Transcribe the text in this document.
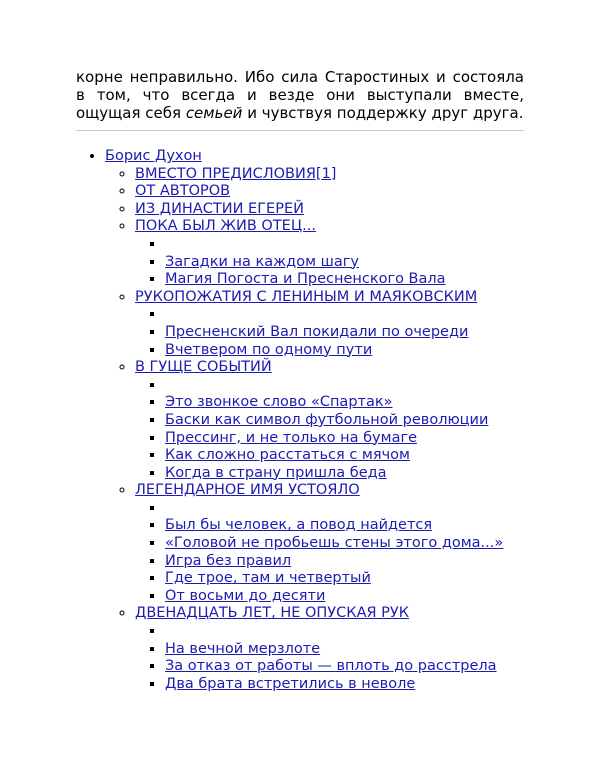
корне неправильно. Ибо сила Старостиных и состояла в том, что всегда и везде они выступали вместе, ощущая себя семьей и чувствуя поддержку друг друга.

• Борис Духон
◦ ВМЕСТО ПРЕДИСЛОВИЯ[1]
◦ ОТ АВТОРОВ
◦ ИЗ ДИНАСТИИ ЕГЕРЕЙ
◦ ПОКА БЫЛ ЖИВ ОТЕЦ...
▪
▪ Загадки на каждом шагу
▪ Магия Погоста и Пресненского Вала
◦ РУКОПОЖАТИЯ С ЛЕНИНЫМ И МАЯКОВСКИМ
▪
▪ Пресненский Вал покидали по очереди
▪ Вчетвером по одному пути
◦ В ГУЩЕ СОБЫТИЙ
▪
▪ Это звонкое слово «Спартак»
▪ Баски как символ футбольной революции
▪ Прессинг, и не только на бумаге
▪ Как сложно расстаться с мячом
▪ Когда в страну пришла беда
◦ ЛЕГЕНДАРНОЕ ИМЯ УСТОЯЛО
▪
▪ Был бы человек, а повод найдется
▪ «Головой не пробьешь стены этого дома...»
▪ Игра без правил
▪ Где трое, там и четвертый
▪ От восьми до десяти
◦ ДВЕНАДЦАТЬ ЛЕТ, НЕ ОПУСКАЯ РУК
▪
▪ На вечной мерзлоте
▪ За отказ от работы — вплоть до расстрела
▪ Два брата встретились в неволе
